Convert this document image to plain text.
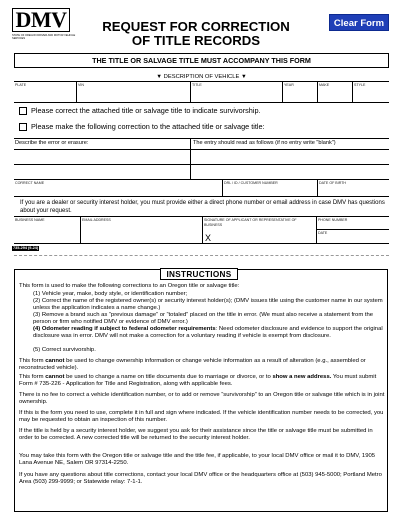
DMV
STATE OF OREGON DRIVER AND MOTOR VEHICLE SERVICES
REQUEST FOR CORRECTION
OF TITLE RECORDS
Clear Form
THE TITLE OR SALVAGE TITLE MUST ACCOMPANY THIS FORM
▼ DESCRIPTION OF VEHICLE ▼
PLATE	VIN	TITLE	YEAR	MAKE	STYLE
Please correct the attached title or salvage title to indicate survivorship.
Please make the following correction to the attached title or salvage title:
Describe the error or erasure:	The entry should read as follows (if no entry write "blank")
CORRECT NAME	DRL / ID / CUSTOMER NUMBER	DATE OF BIRTH
If you are a dealer or security interest holder, you must provide either a direct phone number or email address in case DMV has questions about your request.
BUSINESS NAME	EMAIL ADDRESS	SIGNATURE OF APPLICANT OR REPRESENTATIVE OF BUSINESS
PHONE NUMBER
DATE
X
735-294 (9-24)
INSTRUCTIONS
This form is used to make the following corrections to an Oregon title or salvage title:
(1) Vehicle year, make, body style, or identification number;
(2) Correct the name of the registered owner(s) or security interest holder(s); (DMV issues title using the customer name in our system unless the application indicates a name change.)
(3) Remove a brand such as “previous damage” or “totaled” placed on the title in error. (We must also receive a statement from the person or firm who notified DMV or evidence of DMV error.)
(4) Odometer reading if subject to federal odometer requirements: Need odometer disclosure and evidence to support the original disclosure was in error. DMV will not make a correction for a voluntary reading if vehicle is exempt from disclosure.
(5) Correct survivorship.
This form cannot be used to change ownership information or change vehicle information as a result of alteration (e.g., assembled or reconstructed vehicle).
This form cannot be used to change a name on title documents due to marriage or divorce, or to show a new address. You must submit Form # 735-226 - Application for Title and Registration, along with applicable fees.
There is no fee to correct a vehicle identification number, or to add or remove “survivorship” to an Oregon title or salvage title which is in joint ownership.
If this is the form you need to use, complete it in full and sign where indicated. If the vehicle identification number needs to be corrected, you may be requested to obtain an inspection of this number.
If the title is held by a security interest holder, we suggest you ask for their assistance since the title or salvage title must be submitted in order to be corrected. A new corrected title will be returned to the security interest holder.
You may take this form with the Oregon title or salvage title and the title fee, if applicable, to your local DMV office or mail it to DMV, 1905 Lana Avenue NE, Salem OR 97314-2250.
If you have any questions about title corrections, contact your local DMV office or the headquarters office at (503) 945-5000; Portland Metro Area (503) 299-9999; or Statewide relay: 7-1-1.
